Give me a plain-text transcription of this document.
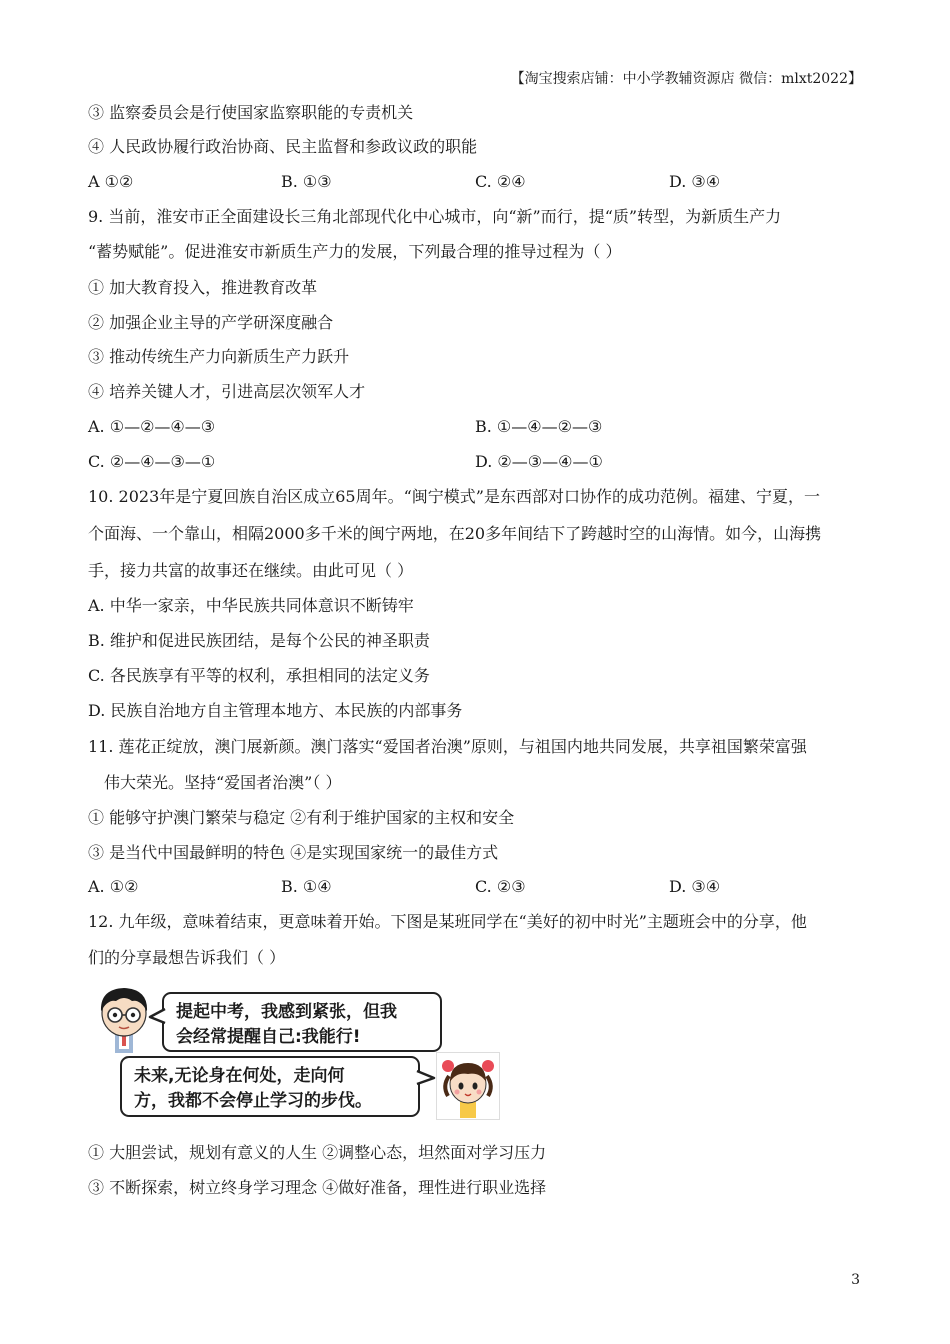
【淘宝搜索店铺：中小学教辅资源店 微信：mlxt2022】
③ 监察委员会是行使国家监察职能的专责机关
④ 人民政协履行政治协商、民主监督和参政议政的职能
A ①②	B. ①③	C. ②④	D. ③④
9. 当前，淮安市正全面建设长三角北部现代化中心城市，向“新”而行，提“质”转型，为新质生产力
“蓄势赋能”。促进淮安市新质生产力的发展，下列最合理的推导过程为（ ）
① 加大教育投入，推进教育改革
② 加强企业主导的产学研深度融合
③ 推动传统生产力向新质生产力跃升
④ 培养关键人才，引进高层次领军人才
A. ①—②—④—③	B. ①—④—②—③
C. ②—④—③—①	D. ②—③—④—①
10. 2023年是宁夏回族自治区成立65周年。“闽宁模式”是东西部对口协作的成功范例。福建、宁夏，一
个面海、一个靠山，相隔2000多千米的闽宁两地，在20多年间结下了跨越时空的山海情。如今，山海携
手，接力共富的故事还在继续。由此可见（ ）
A. 中华一家亲，中华民族共同体意识不断铸牢
B. 维护和促进民族团结，是每个公民的神圣职责
C. 各民族享有平等的权利，承担相同的法定义务
D. 民族自治地方自主管理本地方、本民族的内部事务
11. 莲花正绽放，澳门展新颜。澳门落实“爱国者治澳”原则，与祖国内地共同发展，共享祖国繁荣富强
伟大荣光。坚持“爱国者治澳”（ ）
① 能够守护澳门繁荣与稳定 ②有利于维护国家的主权和安全
③ 是当代中国最鲜明的特色 ④是实现国家统一的最佳方式
A. ①②	B. ①④	C. ②③	D. ③④
12. 九年级，意味着结束，更意味着开始。下图是某班同学在“美好的初中时光”主题班会中的分享，他
们的分享最想告诉我们（ ）
提起中考，我感到紧张，但我
会经常提醒自己:我能行!
未来,无论身在何处，走向何
方，我都不会停止学习的步伐。
① 大胆尝试，规划有意义的人生 ②调整心态，坦然面对学习压力
③ 不断探索，树立终身学习理念 ④做好准备，理性进行职业选择
3
